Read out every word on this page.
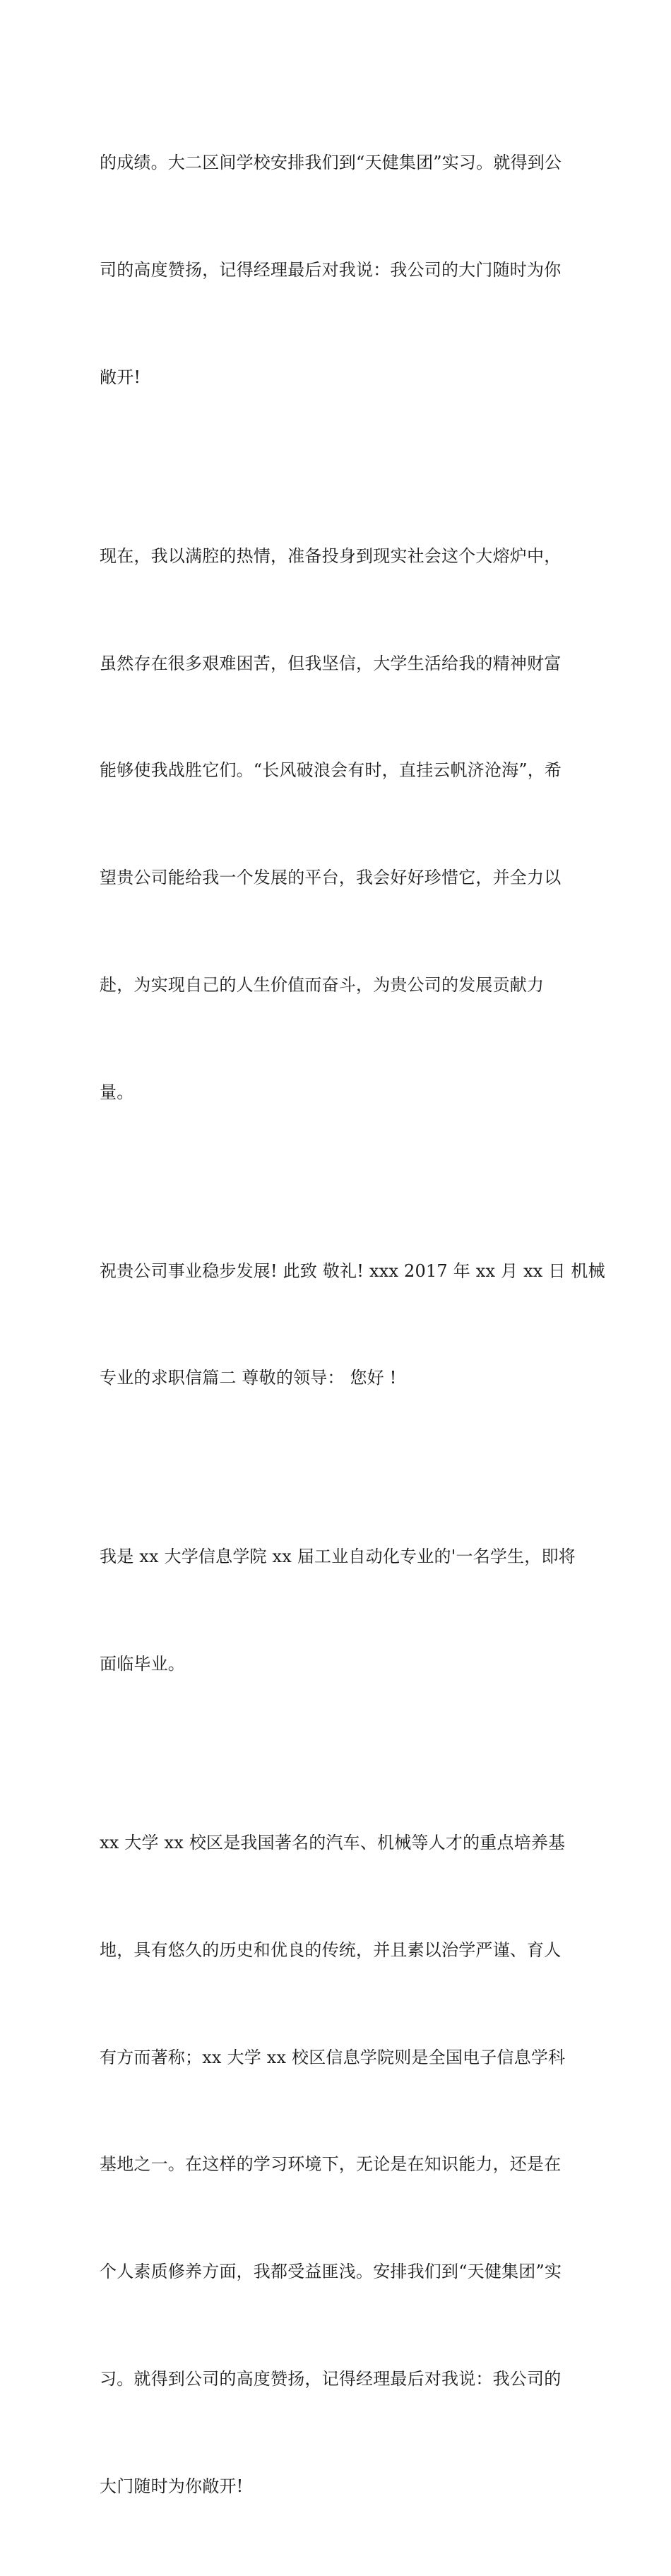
的成绩。大二区间学校安排我们到“天健集团”实习。就得到公

司的高度赞扬，记得经理最后对我说：我公司的大门随时为你

敞开!

现在，我以满腔的热情，准备投身到现实社会这个大熔炉中，

虽然存在很多艰难困苦，但我坚信，大学生活给我的精神财富

能够使我战胜它们。“长风破浪会有时，直挂云帆济沧海”，希

望贵公司能给我一个发展的平台，我会好好珍惜它，并全力以

赴，为实现自己的人生价值而奋斗，为贵公司的发展贡献力

量。

祝贵公司事业稳步发展! 此致 敬礼! xxx 2017 年 xx 月 xx 日 机械

专业的求职信篇二 尊敬的领导： 您好 !

我是 xx 大学信息学院 xx 届工业自动化专业的'一名学生，即将

面临毕业。

xx 大学 xx 校区是我国著名的汽车、机械等人才的重点培养基

地，具有悠久的历史和优良的传统，并且素以治学严谨、育人

有方而著称；xx 大学 xx 校区信息学院则是全国电子信息学科

基地之一。在这样的学习环境下，无论是在知识能力，还是在

个人素质修养方面，我都受益匪浅。安排我们到“天健集团”实

习。就得到公司的高度赞扬，记得经理最后对我说：我公司的

大门随时为你敞开!
